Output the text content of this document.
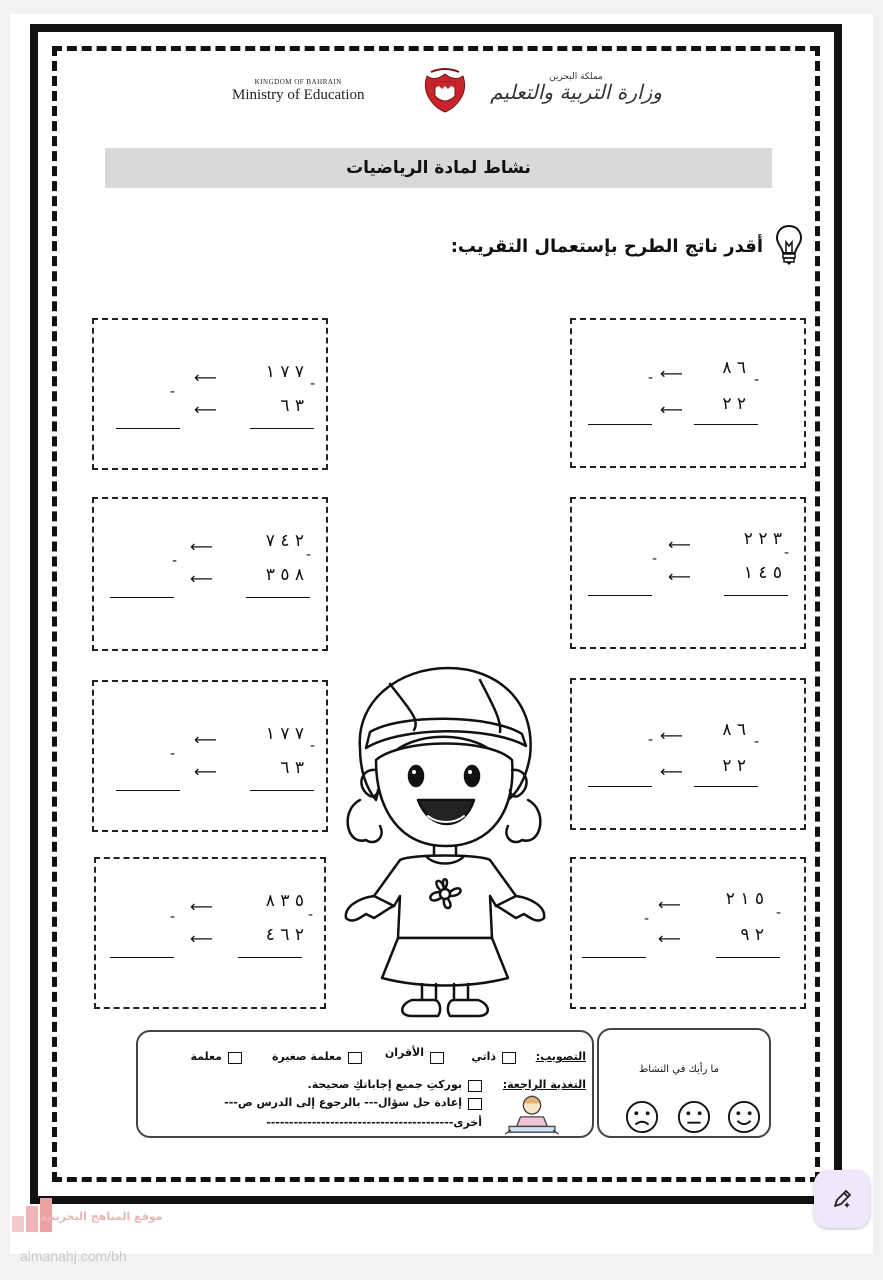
KINGDOM OF BAHRAIN
Ministry of Education
مملكة البحرين
وزارة التربية والتعليم
نشاط لمادة الرياضيات
أقدر ناتج الطرح بإستعمال التقريب:
٦ ٨
⟵	-
-
٢ ٢
⟵
٧ ٧ ١
⟵	-
-
٣ ٦
⟵
٣ ٢ ٢
⟵	-
-
٥ ٤ ١
⟵
٢ ٤ ٧
⟵	-
-
٨ ٥ ٣
⟵
٦ ٨
⟵	-
-
٢ ٢
⟵
٧ ٧ ١
⟵	-
-
٣ ٦
⟵
٥ ١ ٢
⟵	-
-
٢ ٩
⟵
٥ ٣ ٨
⟵	-
-
٢ ٦ ٤
⟵
التصويب:
ذاتي
الأقران
معلمة صغيرة
معلمة
التغذية الراجعة:
بوركتِ جميع إجاباتكِ صحيحة.
إعادة حل سؤال--- بالرجوع إلى الدرس ص---
أخرى-----------------------------------------
ما رأيك في النشاط
موقع المناهج البحرينية
almanahj.com/bh
